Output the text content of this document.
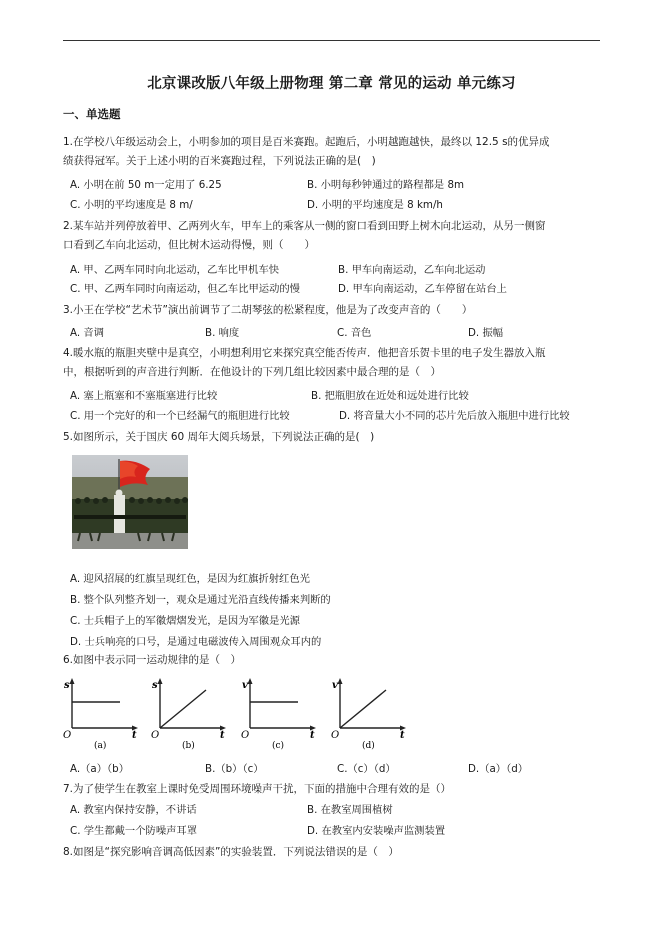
北京课改版八年级上册物理 第二章 常见的运动 单元练习
一、单选题
1.在学校八年级运动会上，小明参加的项目是百米赛跑。起跑后，小明越跑越快，最终以 12.5 s的优异成
绩获得冠军。关于上述小明的百米赛跑过程，下列说法正确的是(　)
A. 小明在前 50 m一定用了 6.25	B. 小明每秒钟通过的路程都是 8m
C. 小明的平均速度是 8 m/	D. 小明的平均速度是 8 km/h
2.某车站并列停放着甲、乙两列火车，甲车上的乘客从一侧的窗口看到田野上树木向北运动，从另一侧窗
口看到乙车向北运动，但比树木运动得慢，则（　　）
A. 甲、乙两车同时向北运动，乙车比甲机车快	B. 甲车向南运动，乙车向北运动
C. 甲、乙两车同时向南运动，但乙车比甲运动的慢	D. 甲车向南运动，乙车停留在站台上
3.小王在学校“艺术节”演出前调节了二胡琴弦的松紧程度，他是为了改变声音的（　　）
A. 音调	B. 响度	C. 音色	D. 振幅
4.暖水瓶的瓶胆夹壁中是真空，小明想利用它来探究真空能否传声．他把音乐贺卡里的电子发生器放入瓶
中，根据听到的声音进行判断．在他设计的下列几组比较因素中最合理的是（　）
A. 塞上瓶塞和不塞瓶塞进行比较	B. 把瓶胆放在近处和远处进行比较
C. 用一个完好的和一个已经漏气的瓶胆进行比较	D. 将音量大小不同的芯片先后放入瓶胆中进行比较
5.如图所示，关于国庆 60 周年大阅兵场景，下列说法正确的是(　)
A. 迎风招展的红旗呈现红色，是因为红旗折射红色光
B. 整个队列整齐划一，观众是通过光沿直线传播来判断的
C. 士兵帽子上的军徽熠熠发光，是因为军徽是光源
D. 士兵响亮的口号，是通过电磁波传入周围观众耳内的
6.如图中表示同一运动规律的是（　）
s
t
O
(a)
s
t
O
(b)
v
t
O
(c)
v
t
O
(d)
A.（a）（b）	B.（b）（c）	C.（c）（d）	D.（a）（d）
7.为了使学生在教室上课时免受周围环境噪声干扰，下面的措施中合理有效的是（）
A. 教室内保持安静，不讲话	B. 在教室周围植树
C. 学生都戴一个防噪声耳罩	D. 在教室内安装噪声监测装置
8.如图是“探究影响音调高低因素”的实验装置．下列说法错误的是（　）
